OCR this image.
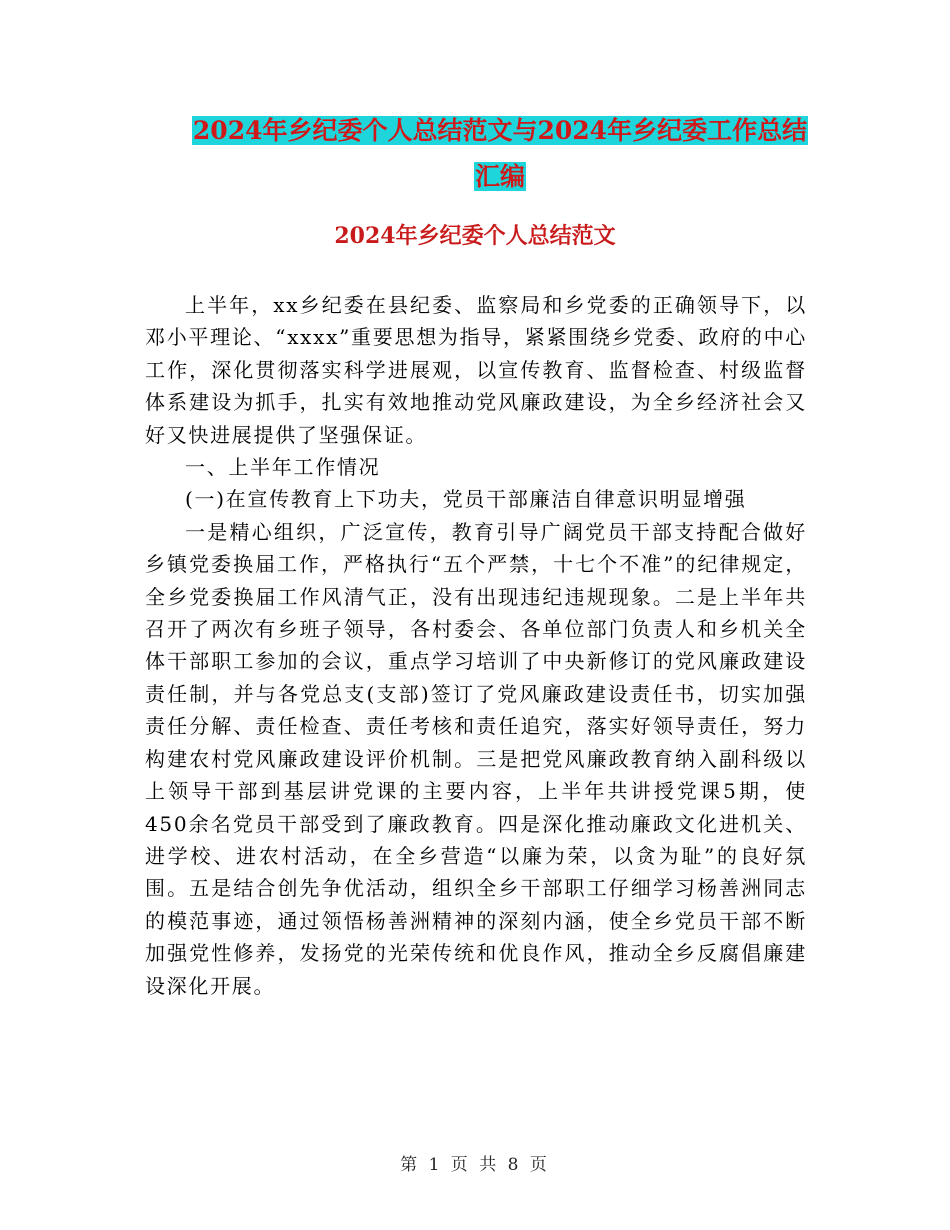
2024年乡纪委个人总结范文与2024年乡纪委工作总结
汇编
2024年乡纪委个人总结范文

上半年，xx乡纪委在县纪委、监察局和乡党委的正确领导下，以邓小平理论、“xxxx”重要思想为指导，紧紧围绕乡党委、政府的中心工作，深化贯彻落实科学进展观，以宣传教育、监督检查、村级监督体系建设为抓手，扎实有效地推动党风廉政建设，为全乡经济社会又好又快进展提供了坚强保证。

一、上半年工作情况

(一)在宣传教育上下功夫，党员干部廉洁自律意识明显增强

一是精心组织，广泛宣传，教育引导广阔党员干部支持配合做好乡镇党委换届工作，严格执行“五个严禁，十七个不准”的纪律规定，全乡党委换届工作风清气正，没有出现违纪违规现象。二是上半年共召开了两次有乡班子领导，各村委会、各单位部门负责人和乡机关全体干部职工参加的会议，重点学习培训了中央新修订的党风廉政建设责任制，并与各党总支(支部)签订了党风廉政建设责任书，切实加强责任分解、责任检查、责任考核和责任追究，落实好领导责任，努力构建农村党风廉政建设评价机制。三是把党风廉政教育纳入副科级以上领导干部到基层讲党课的主要内容，上半年共讲授党课5期，使450余名党员干部受到了廉政教育。四是深化推动廉政文化进机关、进学校、进农村活动，在全乡营造“以廉为荣，以贪为耻”的良好氛围。五是结合创先争优活动，组织全乡干部职工仔细学习杨善洲同志的模范事迹，通过领悟杨善洲精神的深刻内涵，使全乡党员干部不断加强党性修养，发扬党的光荣传统和优良作风，推动全乡反腐倡廉建设深化开展。

第 1 页 共 8 页
